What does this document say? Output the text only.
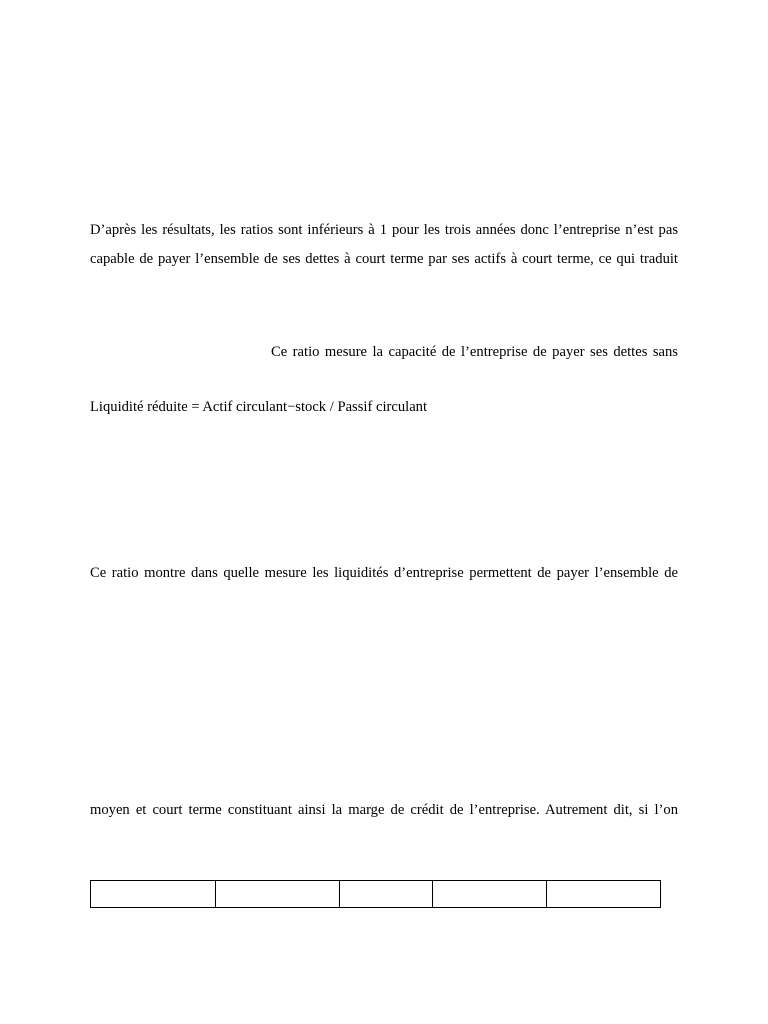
D’après les résultats, les ratios sont inférieurs à 1 pour les trois années donc l’entreprise n’est pas
capable de payer l’ensemble de ses dettes à court terme par ses actifs à court terme, ce qui traduit
Ce ratio mesure la capacité de l’entreprise de payer ses dettes sans
Liquidité réduite = Actif circulant−stock / Passif circulant
Ce ratio montre dans quelle mesure les liquidités d’entreprise permettent de payer l’ensemble de
moyen et court terme constituant ainsi la marge de crédit de l’entreprise. Autrement dit, si l’on
